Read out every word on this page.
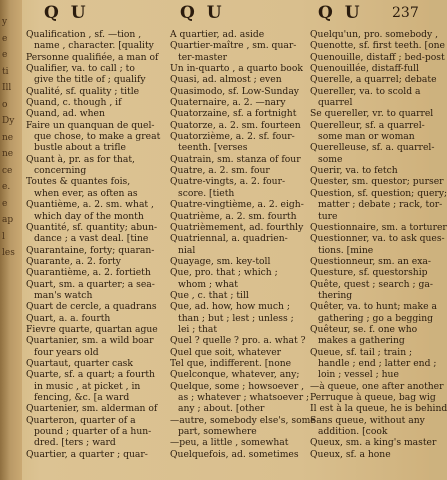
y
e
e
ti
Ill
o
Dy
ne
ne
ce
e.
e
ap
l
les
Q U	Q U	Q U 237
Qualification , sf. —tion ,
name , character. [quality
Personne qualifiée, a man of
Qualifier, va. to call ; to
give the title of ; qualify
Qualité, sf. quality ; title
Quand, c. though , if
Quand, ad. when
Faire un quanquan de quel-
que chose, to make a great
bustle about a trifle
Quant à, pr. as for that,
concerning
Toutes & quantes fois,
when ever, as often as
Quantième, a. 2. sm. what ,
which day of the month
Quantité, sf. quantity; abun-
dance ; a vast deal. [tine
Quarantaine, forty; quaran-
Quarante, a. 2. forty
Quarantième, a. 2. fortieth
Quart, sm. a quarter; a sea-
man's watch
Quart de cercle, a quadrans
Quart, a. a. fourth
Fievre quarte, quartan ague
Quartanier, sm. a wild boar
four years old
Quartaut, quarter cask
Quarte, sf. a quart; a fourth
in music , at picket , in
fencing, &c. [a ward
Quartenier, sm. alderman of
Quarteron, quarter of a
pound ; quarter of a hun-
dred. [ters ; ward
Quartier, a quarter ; quar-
A quartier, ad. aside
Quartier-maître , sm. quar-
ter-master
Un in-quarto , a quarto book
Quasi, ad. almost ; even
Quasimodo, sf. Low-Sunday
Quaternaire, a. 2. —nary
Quatorzaine, sf. a fortnight
Quatorze, a. 2. sm. fourteen
Quatorzième, a. 2. sf. four-
teenth. [verses
Quatrain, sm. stanza of four
Quatre, a. 2. sm. four
Quatre-vingts, a. 2. four-
score. [tieth
Quatre-vingtième, a. 2. eigh-
Quatrième, a. 2. sm. fourth
Quatrièmement, ad. fourthly
Quatriennal, a. quadrien-
nial
Quayage, sm. key-toll
Que, pro. that ; which ;
whom ; what
Que , c. that ; till
Que, ad. how, how much ;
than ; but ; lest ; unless ;
lei ; that
Quel ? quelle ? pro. a. what ?
Quel que soit, whatever
Tel que, indifferent. [none
Quelconque, whatever, any;
Quelque, some ; howsoever ,
as ; whatever ; whatsoever ;
any ; about. [other
—autre, somebody else's, some
part, somewhere
—peu, a little , somewhat
Quelquefois, ad. sometimes
Quelqu'un, pro. somebody ,
Quenotte, sf. first teeth. [one
Quenouille, distaff ; bed-post
Quenouillée, distaff-full
Querelle, a quarrel; debate
Quereller, va. to scold a
quarrel
Se quereller, vr. to quarrel
Querelleur, sf. a quarrel-
some man or woman
Querelleuse, sf. a. quarrel-
some
Querir, va. to fetch
Quester, sm. questor; purser
Question, sf. question; query;
matter ; debate ; rack, tor-
ture
Questionnaire, sm. a torturer
Questionner, va. to ask ques-
tions. [mine
Questionneur, sm. an exa-
Questure, sf. questorship
Quête, quest ; search ; ga-
thering
Quêter, va. to hunt; make a
gathering ; go a begging
Quêteur, se. f. one who
makes a gathering
Queue, sf. tail ; train ;
handle ; end ; latter end ;
loin ; vessel ; hue
—à queue, one after another
Perruque à queue, bag wig
Il est à la queue, he is behind
Sans queue, without any
addition. [cook
Queux, sm. a king's master
Queux, sf. a hone
